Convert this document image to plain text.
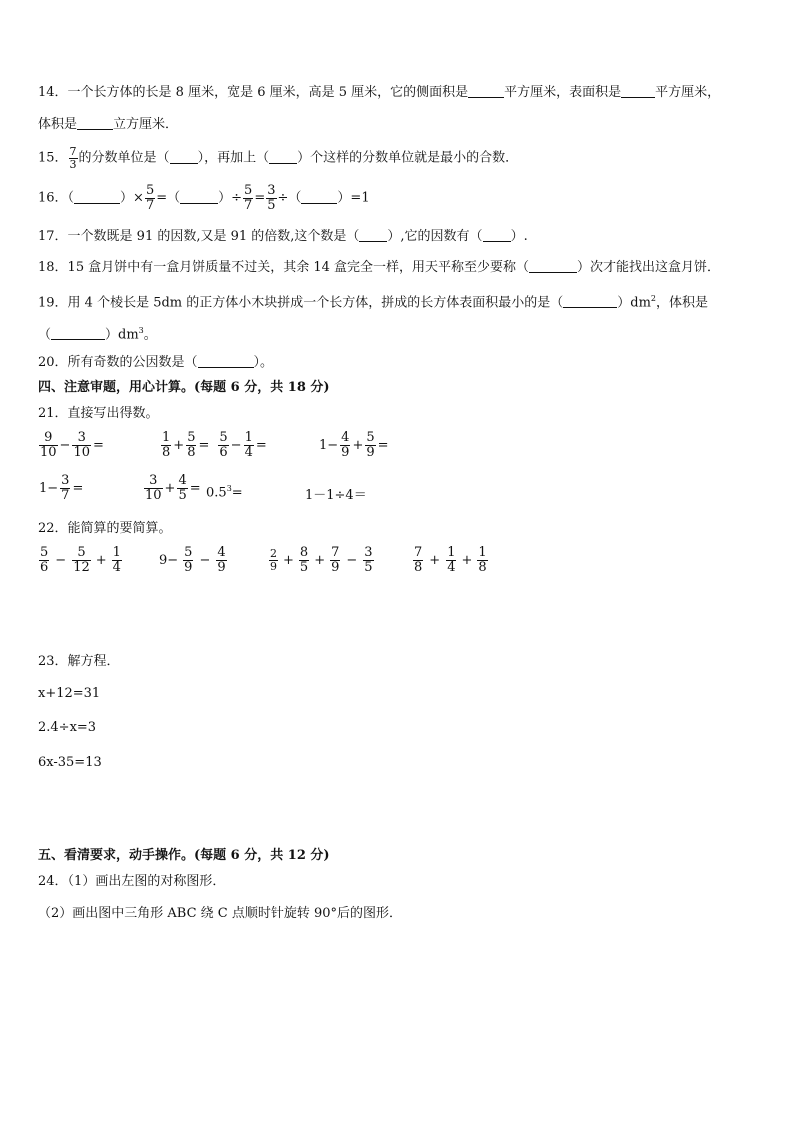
14．一个长方体的长是 8 厘米，宽是 6 厘米，高是 5 厘米，它的侧面积是	平方厘米，表面积是	平方厘米，
体积是	立方厘米．
15． $\frac{7}{3}$ 的分数单位是（ ），再加上（ ）个这样的分数单位就是最小的合数．
16．（	）× $\frac{5}{7}$ =（	）÷ $\frac{5}{7} = \frac{3}{5}$ ÷（	）=1
17．一个数既是 91 的因数,又是 91 的倍数,这个数是（ ）,它的因数有（ ）.
18．15 盒月饼中有一盒月饼质量不过关，其余 14 盒完全一样，用天平称至少要称（	）次才能找出这盒月饼．
19．用 4 个棱长是 5dm 的正方体小木块拼成一个长方体，拼成的长方体表面积最小的是（	）$dm^2$，体积是
（	）$dm^3$。
20．所有奇数的公因数是（	）。
四、注意审题，用心计算。(每题 6 分，共 18 分)
21．直接写出得数。
$\frac{9}{10} - \frac{3}{10}$ =	$\frac{1}{8} + \frac{5}{8} = \frac{5}{6} - \frac{1}{4}$ =	$1- \frac{4}{9} + \frac{5}{9}$ =
$1- \frac{3}{7}$ =	$\frac{3}{10} + \frac{4}{5} = 0.5^3=$	1－1÷4＝
22．能简算的要简算。
$\frac{5}{6} - \frac{5}{12} + \frac{1}{4}$	$9- \frac{5}{9} - \frac{4}{9}$	$\frac{2}{9} + \frac{8}{5} + \frac{7}{9} - \frac{3}{5}$	$\frac{7}{8} + \frac{1}{4} + \frac{1}{8}$
23．解方程．
x+12=31
2.4÷x=3
6x-35=13
五、看清要求，动手操作。(每题 6 分，共 12 分)
24．（1）画出左图的对称图形．
（2）画出图中三角形 ABC 绕 C 点顺时针旋转 90°后的图形．
